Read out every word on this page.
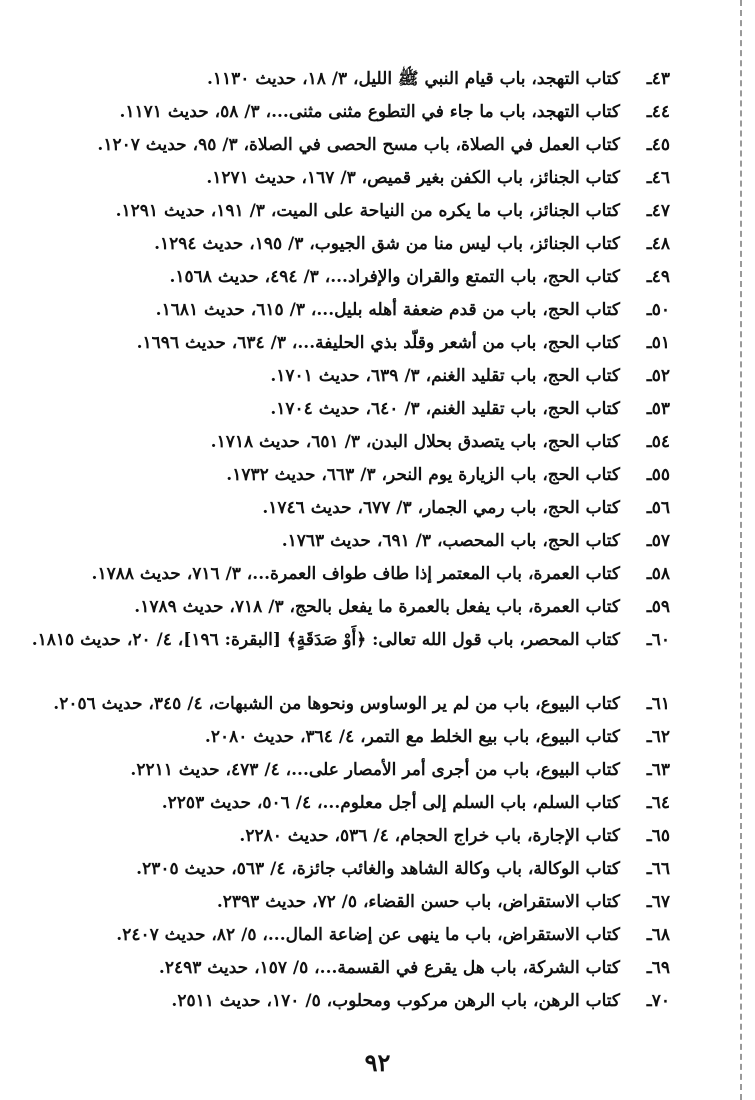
٤٣ـ
كتاب التهجد، باب قيام النبي ﷺ الليل، ٣/ ١٨، حديث ١١٣٠.
٤٤ـ
كتاب التهجد، باب ما جاء في التطوع مثنى مثنى...، ٣/ ٥٨، حديث ١١٧١.
٤٥ـ
كتاب العمل في الصلاة، باب مسح الحصى في الصلاة، ٣/ ٩٥، حديث ١٢٠٧.
٤٦ـ
كتاب الجنائز، باب الكفن بغير قميص، ٣/ ١٦٧، حديث ١٢٧١.
٤٧ـ
كتاب الجنائز، باب ما يكره من النياحة على الميت، ٣/ ١٩١، حديث ١٢٩١.
٤٨ـ
كتاب الجنائز، باب ليس منا من شق الجيوب، ٣/ ١٩٥، حديث ١٢٩٤.
٤٩ـ
كتاب الحج، باب التمتع والقران والإفراد...، ٣/ ٤٩٤، حديث ١٥٦٨.
٥٠ـ
كتاب الحج، باب من قدم ضعفة أهله بليل...، ٣/ ٦١٥، حديث ١٦٨١.
٥١ـ
كتاب الحج، باب من أشعر وقلّد بذي الحليفة...، ٣/ ٦٣٤، حديث ١٦٩٦.
٥٢ـ
كتاب الحج، باب تقليد الغنم، ٣/ ٦٣٩، حديث ١٧٠١.
٥٣ـ
كتاب الحج، باب تقليد الغنم، ٣/ ٦٤٠، حديث ١٧٠٤.
٥٤ـ
كتاب الحج، باب يتصدق بحلال البدن، ٣/ ٦٥١، حديث ١٧١٨.
٥٥ـ
كتاب الحج، باب الزيارة يوم النحر، ٣/ ٦٦٣، حديث ١٧٣٢.
٥٦ـ
كتاب الحج، باب رمي الجمار، ٣/ ٦٧٧، حديث ١٧٤٦.
٥٧ـ
كتاب الحج، باب المحصب، ٣/ ٦٩١، حديث ١٧٦٣.
٥٨ـ
كتاب العمرة، باب المعتمر إذا طاف طواف العمرة...، ٣/ ٧١٦، حديث ١٧٨٨.
٥٩ـ
كتاب العمرة، باب يفعل بالعمرة ما يفعل بالحج، ٣/ ٧١٨، حديث ١٧٨٩.
٦٠ـ
كتاب المحصر، باب قول الله تعالى: ﴿أَوْ صَدَقَةٍ﴾ [البقرة: ١٩٦]، ٤/ ٢٠، حديث ١٨١٥.
٦١ـ
كتاب البيوع، باب من لم ير الوساوس ونحوها من الشبهات، ٤/ ٣٤٥، حديث ٢٠٥٦.
٦٢ـ
كتاب البيوع، باب بيع الخلط مع التمر، ٤/ ٣٦٤، حديث ٢٠٨٠.
٦٣ـ
كتاب البيوع، باب من أجرى أمر الأمصار على...، ٤/ ٤٧٣، حديث ٢٢١١.
٦٤ـ
كتاب السلم، باب السلم إلى أجل معلوم...، ٤/ ٥٠٦، حديث ٢٢٥٣.
٦٥ـ
كتاب الإجارة، باب خراج الحجام، ٤/ ٥٣٦، حديث ٢٢٨٠.
٦٦ـ
كتاب الوكالة، باب وكالة الشاهد والغائب جائزة، ٤/ ٥٦٣، حديث ٢٣٠٥.
٦٧ـ
كتاب الاستقراض، باب حسن القضاء، ٥/ ٧٢، حديث ٢٣٩٣.
٦٨ـ
كتاب الاستقراض، باب ما ينهى عن إضاعة المال...، ٥/ ٨٢، حديث ٢٤٠٧.
٦٩ـ
كتاب الشركة، باب هل يقرع في القسمة...، ٥/ ١٥٧، حديث ٢٤٩٣.
٧٠ـ
كتاب الرهن، باب الرهن مركوب ومحلوب، ٥/ ١٧٠، حديث ٢٥١١.
٩٢
